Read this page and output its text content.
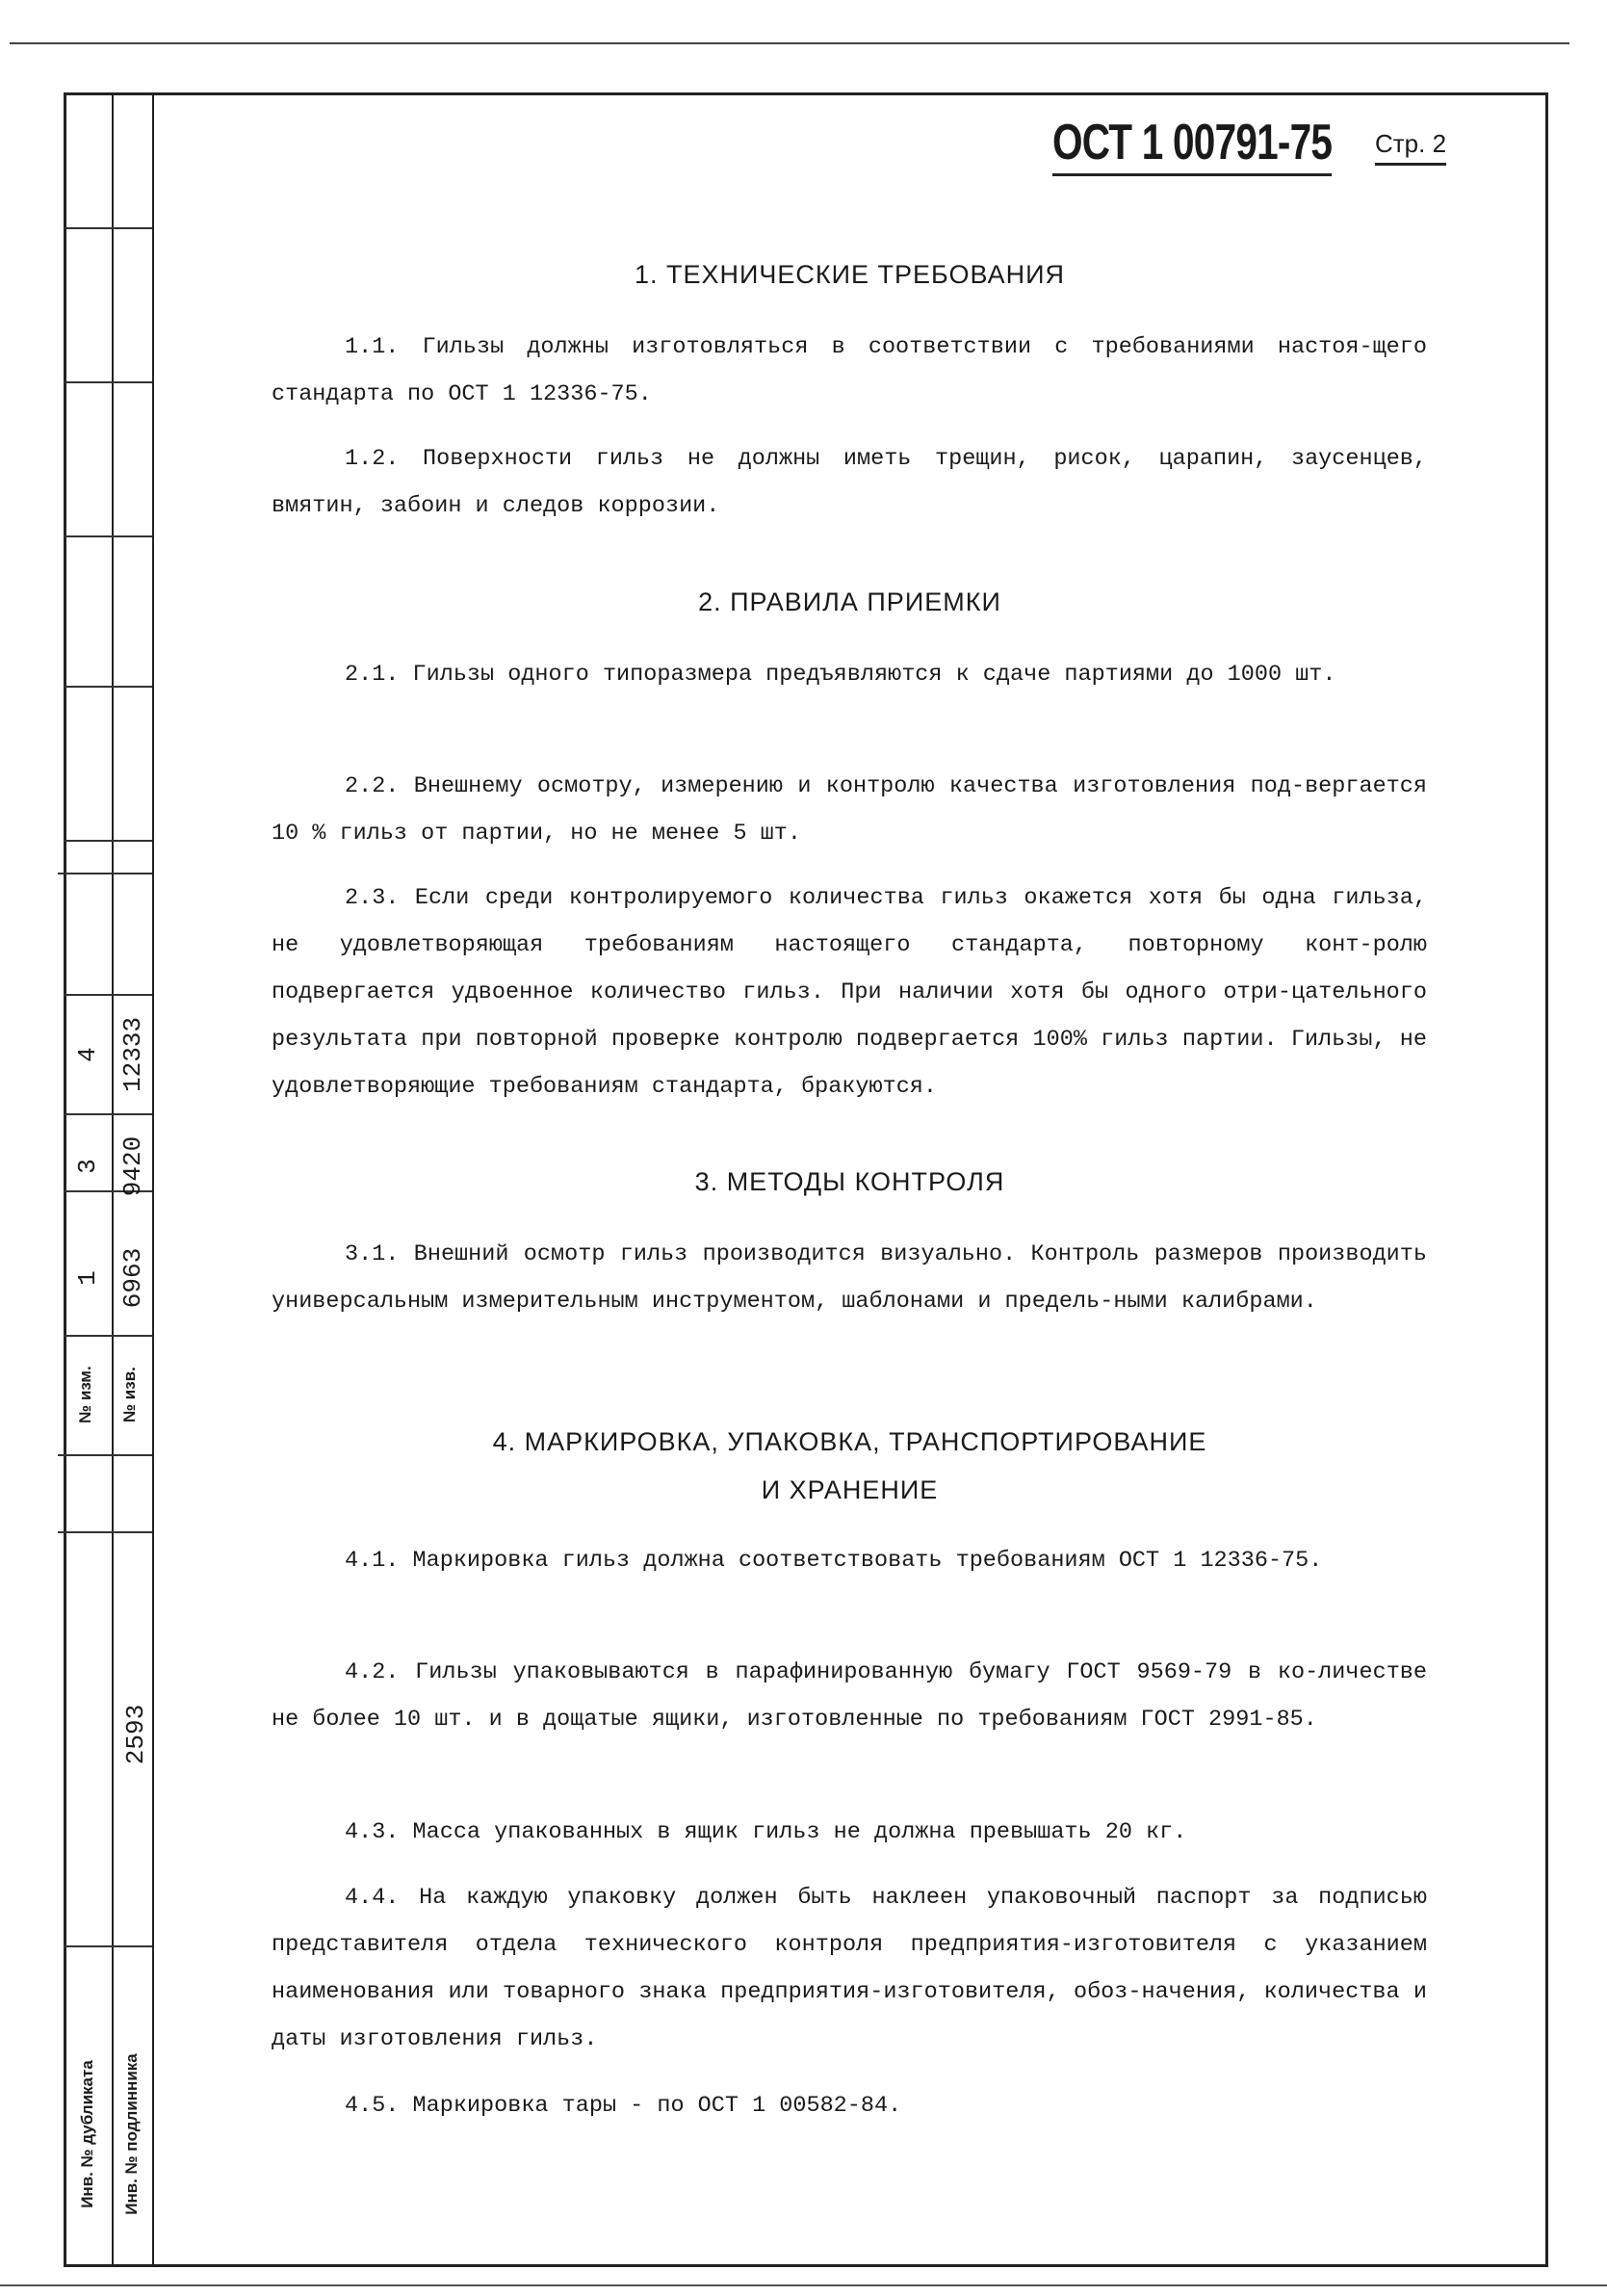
4 12333
3 9420
1 6963
№ изм. № изв.
2593
Инв. № дубликата Инв. № подлинника
ОСТ 1 00791-75 Стр. 2
1. ТЕХНИЧЕСКИЕ ТРЕБОВАНИЯ
1.1. Гильзы должны изготовляться в соответствии с требованиями настоя-щего стандарта по ОСТ 1 12336-75.
1.2. Поверхности гильз не должны иметь трещин, рисок, царапин, заусенцев, вмятин, забоин и следов коррозии.
2. ПРАВИЛА ПРИЕМКИ
2.1. Гильзы одного типоразмера предъявляются к сдаче партиями до 1000 шт.
2.2. Внешнему осмотру, измерению и контролю качества изготовления под-вергается 10 % гильз от партии, но не менее 5 шт.
2.3. Если среди контролируемого количества гильз окажется хотя бы одна гильза, не удовлетворяющая требованиям настоящего стандарта, повторному конт-ролю подвергается удвоенное количество гильз. При наличии хотя бы одного отри-цательного результата при повторной проверке контролю подвергается 100% гильз партии. Гильзы, не удовлетворяющие требованиям стандарта, бракуются.
3. МЕТОДЫ КОНТРОЛЯ
3.1. Внешний осмотр гильз производится визуально. Контроль размеров производить универсальным измерительным инструментом, шаблонами и предель-ными калибрами.
4. МАРКИРОВКА, УПАКОВКА, ТРАНСПОРТИРОВАНИЕ
И ХРАНЕНИЕ
4.1. Маркировка гильз должна соответствовать требованиям ОСТ 1 12336-75.
4.2. Гильзы упаковываются в парафинированную бумагу ГОСТ 9569-79 в ко-личестве не более 10 шт. и в дощатые ящики, изготовленные по требованиям ГОСТ 2991-85.
4.3. Масса упакованных в ящик гильз не должна превышать 20 кг.
4.4. На каждую упаковку должен быть наклеен упаковочный паспорт за подписью представителя отдела технического контроля предприятия-изготовителя с указанием наименования или товарного знака предприятия-изготовителя, обоз-начения, количества и даты изготовления гильз.
4.5. Маркировка тары - по ОСТ 1 00582-84.
